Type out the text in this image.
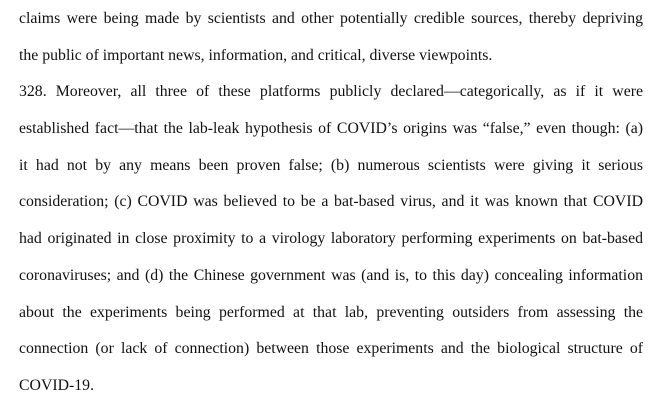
claims were being made by scientists and other potentially credible sources, thereby depriving
the public of important news, information, and critical, diverse viewpoints.
328. Moreover, all three of these platforms publicly declared—categorically, as if it were
established fact—that the lab-leak hypothesis of COVID’s origins was “false,” even though: (a)
it had not by any means been proven false; (b) numerous scientists were giving it serious
consideration; (c) COVID was believed to be a bat-based virus, and it was known that COVID
had originated in close proximity to a virology laboratory performing experiments on bat-based
coronaviruses; and (d) the Chinese government was (and is, to this day) concealing information
about the experiments being performed at that lab, preventing outsiders from assessing the
connection (or lack of connection) between those experiments and the biological structure of
COVID-19.
